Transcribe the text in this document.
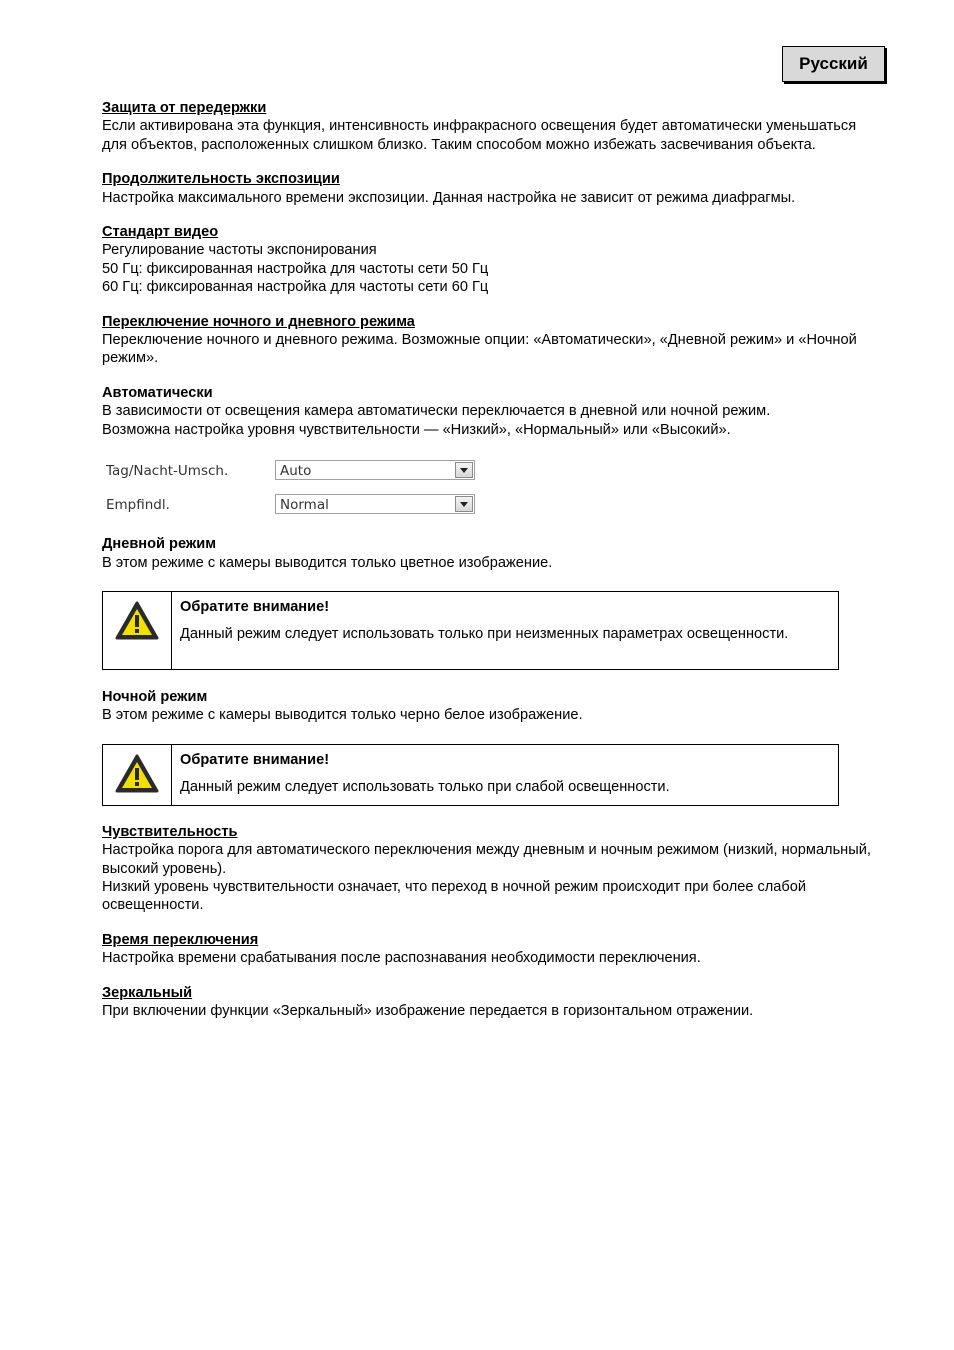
Русский
Защита от передержки

Если активирована эта функция, интенсивность инфракрасного освещения будет автоматически уменьшаться для объектов, расположенных слишком близко. Таким способом можно избежать засвечивания объекта.

Продолжительность экспозиции

Настройка максимального времени экспозиции. Данная настройка не зависит от режима диафрагмы.

Стандарт видео

Регулирование частоты экспонирования

50 Гц: фиксированная настройка для частоты сети 50 Гц

60 Гц: фиксированная настройка для частоты сети 60 Гц

Переключение ночного и дневного режима

Переключение ночного и дневного режима. Возможные опции: «Автоматически», «Дневной режим» и «Ночной режим».

Автоматически

В зависимости от освещения камера автоматически переключается в дневной или ночной режим.

Возможна настройка уровня чувствительности — «Низкий», «Нормальный» или «Высокий».

Tag/Nacht-Umsch.	Auto
Empfindl.	Normal
Дневной режим

В этом режиме с камеры выводится только цветное изображение.

Обратите внимание!

Данный режим следует использовать только при неизменных параметрах освещенности.

Ночной режим

В этом режиме с камеры выводится только черно белое изображение.

Обратите внимание!

Данный режим следует использовать только при слабой освещенности.

Чувствительность

Настройка порога для автоматического переключения между дневным и ночным режимом (низкий, нормальный, высокий уровень).

Низкий уровень чувствительности означает, что переход в ночной режим происходит при более слабой освещенности.

Время переключения

Настройка времени срабатывания после распознавания необходимости переключения.

Зеркальный

При включении функции «Зеркальный» изображение передается в горизонтальном отражении.
